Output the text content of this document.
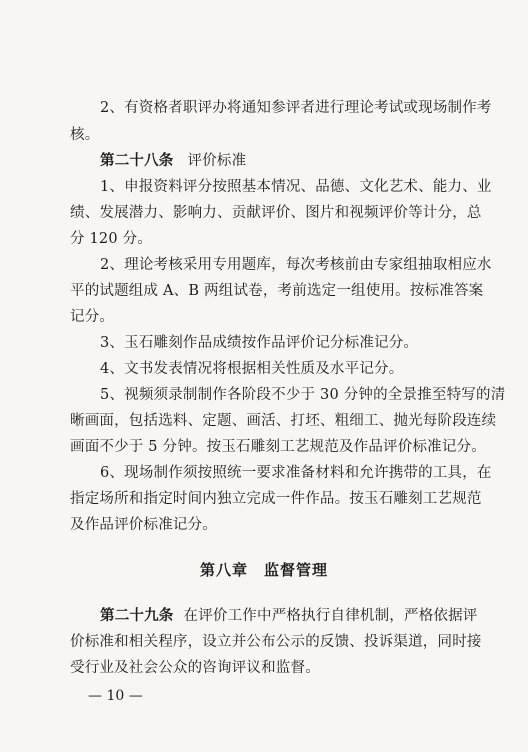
2、有资格者职评办将通知参评者进行理论考试或现场制作考
核。
第二十八条 评价标准
1、申报资料评分按照基本情况、品德、文化艺术、能力、业
绩、发展潜力、影响力、贡献评价、图片和视频评价等计分，总
分 120 分。
2、理论考核采用专用题库，每次考核前由专家组抽取相应水
平的试题组成 A、B 两组试卷，考前选定一组使用。按标准答案
记分。
3、玉石雕刻作品成绩按作品评价记分标准记分。
4、文书发表情况将根据相关性质及水平记分。
5、视频须录制制作各阶段不少于 30 分钟的全景推至特写的清
晰画面，包括选料、定题、画活、打坯、粗细工、抛光每阶段连续
画面不少于 5 分钟。按玉石雕刻工艺规范及作品评价标准记分。
6、现场制作须按照统一要求准备材料和允许携带的工具，在
指定场所和指定时间内独立完成一件作品。按玉石雕刻工艺规范
及作品评价标准记分。
第八章　监督管理
第二十九条 在评价工作中严格执行自律机制，严格依据评
价标准和相关程序，设立并公布公示的反馈、投诉渠道，同时接
受行业及社会公众的咨询评议和监督。
— 10 —
